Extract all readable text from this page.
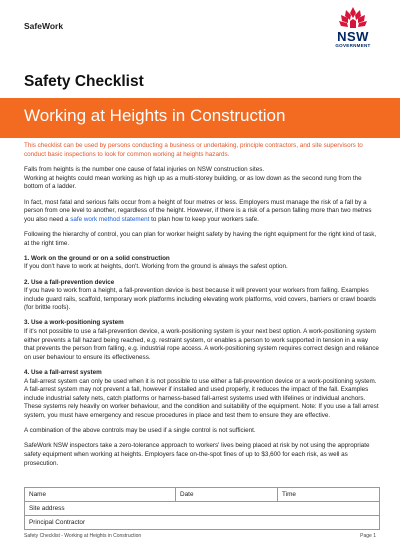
SafeWork
NSW
GOVERNMENT
Safety Checklist
Working at Heights in Construction

This checklist can be used by persons conducting a business or undertaking, principle contractors, and site supervisors to conduct basic inspections to look for common working at heights hazards.

Falls from heights is the number one cause of fatal injuries on NSW construction sites.
Working at heights could mean working as high up as a multi-storey building, or as low down as the second rung from the bottom of a ladder.

In fact, most fatal and serious falls occur from a height of four metres or less. Employers must manage the risk of a fall by a person from one level to another, regardless of the height. However, if there is a risk of a person falling more than two metres you also need a safe work method statement to plan how to keep your workers safe.

Following the hierarchy of control, you can plan for worker height safety by having the right equipment for the right kind of task, at the right time.

1. Work on the ground or on a solid construction

If you don't have to work at heights, don't. Working from the ground is always the safest option.

2. Use a fall-prevention device

If you have to work from a height, a fall-prevention device is best because it will prevent your workers from falling. Examples include guard rails, scaffold, temporary work platforms including elevating work platforms, void covers, barriers or crawl boards (for brittle roofs).

3. Use a work-positioning system

If it's not possible to use a fall-prevention device, a work-positioning system is your next best option. A work-positioning system either prevents a fall hazard being reached, e.g. restraint system, or enables a person to work supported in tension in a way that prevents the person from falling, e.g. industrial rope access. A work-positioning system requires correct design and reliance on user behaviour to ensure its effectiveness.

4. Use a fall-arrest system

A fall-arrest system can only be used when it is not possible to use either a fall-prevention device or a work-positioning system. A fall-arrest system may not prevent a fall, however if installed and used properly, it reduces the impact of the fall. Examples include industrial safety nets, catch platforms or harness-based fall-arrest systems used with lifelines or individual anchors. These systems rely heavily on worker behaviour, and the condition and suitability of the equipment. Note: If you use a fall arrest system, you must have emergency and rescue procedures in place and test them to ensure they are effective.

A combination of the above controls may be used if a single control is not sufficient.

SafeWork NSW inspectors take a zero-tolerance approach to workers' lives being placed at risk by not using the appropriate safety equipment when working at heights. Employers face on-the-spot fines of up to $3,600 for each risk, as well as prosecution.

Name	Date	Time
Site address
Principal Contractor
Safety Checklist - Working at Heights in Construction	Page 1
